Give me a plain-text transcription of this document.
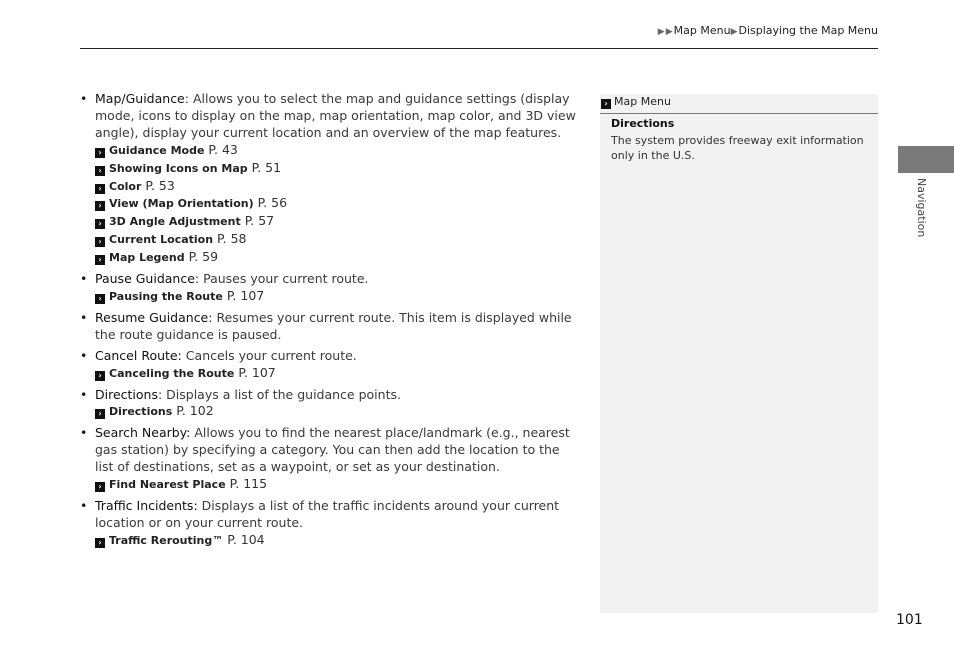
▶▶Map Menu▶Displaying the Map Menu
• Map/Guidance: Allows you to select the map and guidance settings (display mode, icons to display on the map, map orientation, map color, and 3D view angle), display your current location and an overview of the map features.
› Guidance Mode P. 43
› Showing Icons on Map P. 51
› Color P. 53
› View (Map Orientation) P. 56
› 3D Angle Adjustment P. 57
› Current Location P. 58
› Map Legend P. 59
• Pause Guidance: Pauses your current route.
› Pausing the Route P. 107
• Resume Guidance: Resumes your current route. This item is displayed while the route guidance is paused.
• Cancel Route: Cancels your current route.
› Canceling the Route P. 107
• Directions: Displays a list of the guidance points.
› Directions P. 102
• Search Nearby: Allows you to find the nearest place/landmark (e.g., nearest gas station) by specifying a category. You can then add the location to the list of destinations, set as a waypoint, or set as your destination.
› Find Nearest Place P. 115
• Traffic Incidents: Displays a list of the traffic incidents around your current location or on your current route.
› Traffic Rerouting™ P. 104
› Map Menu
Directions
The system provides freeway exit information only in the U.S.
Navigation
101
